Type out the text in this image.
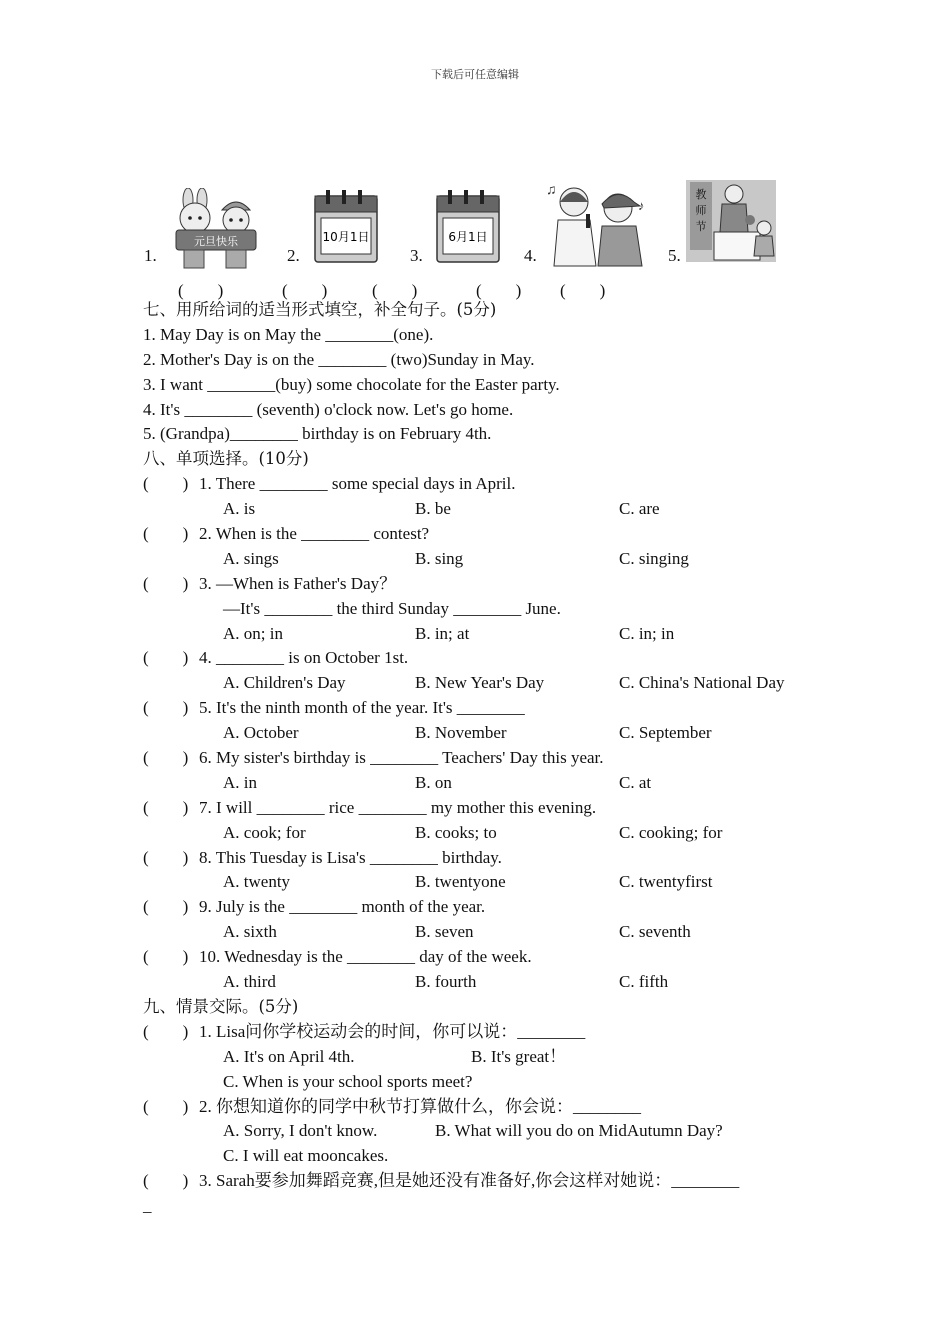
下载后可任意编辑
1.
元旦快乐
2.
10月1日
3.
6月1日
4.
♫
♪
5.
教
师
节
(　　)	(　　)	(　　)	(　　) (　　)
七、用所给词的适当形式填空，补全句子。(5分)
1. May Day is on May the ________(one).
2. Mother's Day is on the ________ (two)Sunday in May.
3. I want ________(buy) some chocolate for the Easter party.
4. It's ________ (seventh) o'clock now. Let's go home.
5. (Grandpa)________ birthday is on February 4th.
八、单项选择。(10分)
(　　) 1. There ________ some special days in April.
A. is	B. be	C. are
(　　) 2. When is the ________ contest?
A. sings	B. sing	C. singing
(　　) 3. —When is Father's Day？
—It's ________ the third Sunday ________ June.
A. on; in	B. in; at	C. in; in
(　　) 4. ________ is on October 1st.
A. Children's Day	B. New Year's Day	C. China's National Day
(　　) 5. It's the ninth month of the year. It's ________
A. October	B. November	C. September
(　　) 6. My sister's birthday is ________ Teachers' Day this year.
A. in	B. on	C. at
(　　) 7. I will ________ rice ________ my mother this evening.
A. cook; for	B. cooks; to	C. cooking; for
(　　) 8. This Tuesday is Lisa's ________ birthday.
A. twenty	B. twentyone	C. twentyfirst
(　　) 9. July is the ________ month of the year.
A. sixth	B. seven	C. seventh
(　　) 10. Wednesday is the ________ day of the week.
A. third	B. fourth	C. fifth
九、情景交际。(5分)
(　　) 1. Lisa问你学校运动会的时间，你可以说：________
A. It's on April 4th.	B. It's great！
C. When is your school sports meet?
(　　) 2. 你想知道你的同学中秋节打算做什么，你会说：________
A. Sorry, I don't know.	B. What will you do on MidAutumn Day?
C. I will eat mooncakes.
(　　) 3. Sarah要参加舞蹈竞赛,但是她还没有准备好,你会这样对她说：________
_
